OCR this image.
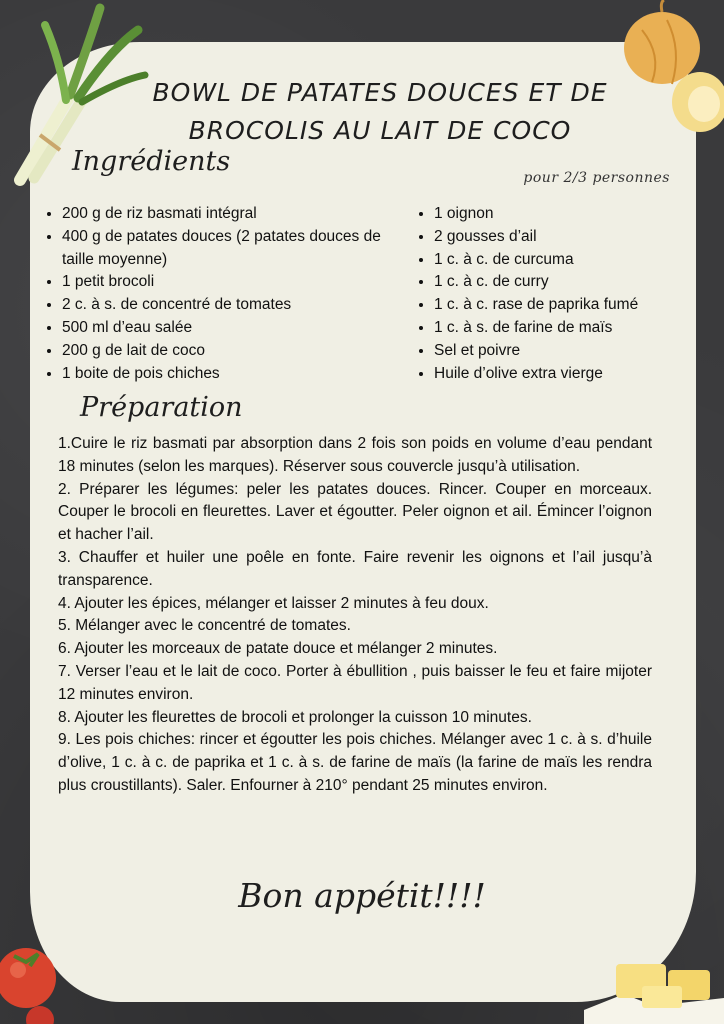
BOWL DE PATATES DOUCES ET DE
BROCOLIS AU LAIT DE COCO
Ingrédients
pour 2/3 personnes
• 200 g de riz basmati intégral
• 400 g de patates douces (2 patates douces de taille moyenne)
• 1 petit brocoli
• 2 c. à s. de concentré de tomates
• 500 ml d’eau salée
• 200 g de lait de coco
• 1 boite de pois chiches
• 1 oignon
• 2 gousses d’ail
• 1 c. à c. de curcuma
• 1 c. à c. de curry
• 1 c. à c. rase de paprika fumé
• 1 c. à s. de farine de maïs
• Sel et poivre
• Huile d’olive extra vierge
Préparation

1.Cuire le riz basmati par absorption dans 2 fois son poids en volume d’eau pendant 18 minutes (selon les marques). Réserver sous couvercle jusqu’à utilisation.

2. Préparer les légumes: peler les patates douces. Rincer. Couper en morceaux. Couper le brocoli en fleurettes. Laver et égoutter. Peler oignon et ail. Émincer l’oignon et hacher l’ail.

3. Chauffer et huiler une poêle en fonte. Faire revenir les oignons et l’ail jusqu’à transparence.

4. Ajouter les épices, mélanger et laisser 2 minutes à feu doux.

5. Mélanger avec le concentré de tomates.

6. Ajouter les morceaux de patate douce et mélanger 2 minutes.

7. Verser l’eau et le lait de coco. Porter à ébullition , puis baisser le feu et faire mijoter 12 minutes environ.

8. Ajouter les fleurettes de brocoli et prolonger la cuisson 10 minutes.

9. Les pois chiches: rincer et égoutter les pois chiches. Mélanger avec 1 c. à s. d’huile d’olive, 1 c. à c. de paprika et 1 c. à s. de farine de maïs (la farine de maïs les rendra plus croustillants). Saler. Enfourner à 210° pendant 25 minutes environ.

Bon appétit!!!!
